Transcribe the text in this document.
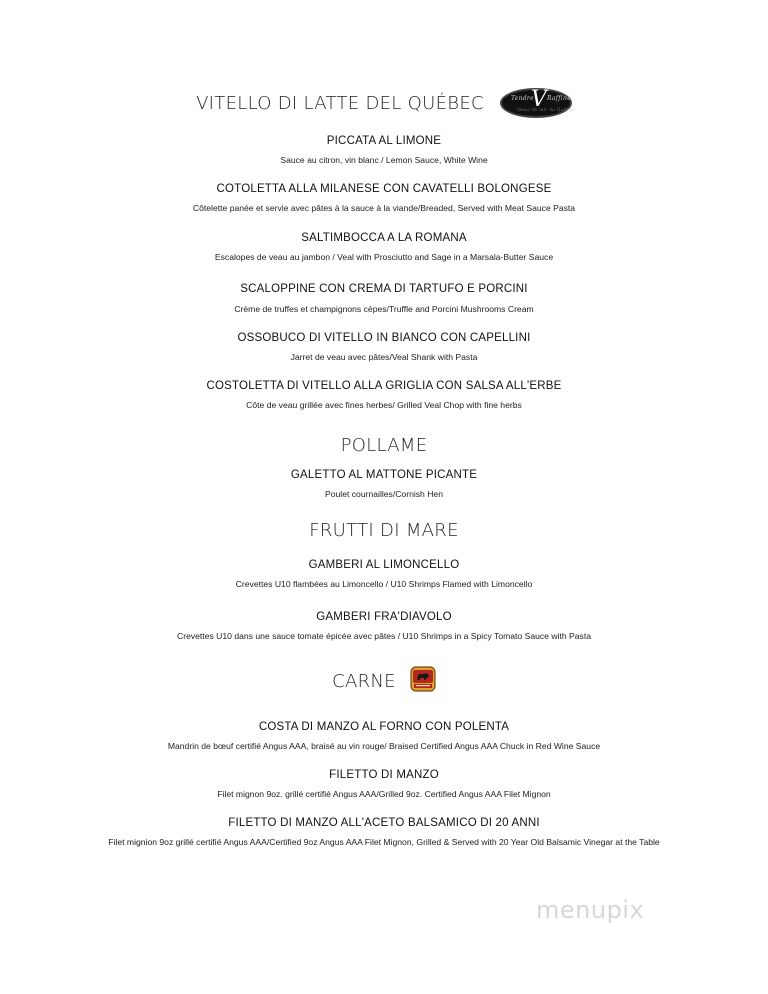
VITELLO DI LATTE DEL QUÉBEC	Tendre
V Raffiné
Veau de lait du Québec
PICCATA AL LIMONE
Sauce au citron, vin blanc / Lemon Sauce, White Wine
COTOLETTA ALLA MILANESE CON CAVATELLI BOLONGESE
Côtelette panée et servie avec pâtes à la sauce à la viande/Breaded, Served with Meat Sauce Pasta
SALTIMBOCCA A LA ROMANA
Escalopes de veau au jambon / Veal with Prosciutto and Sage in a Marsala-Butter Sauce
SCALOPPINE CON CREMA DI TARTUFO E PORCINI
Crème de truffes et champignons cèpes/Truffle and Porcini Mushrooms Cream
OSSOBUCO DI VITELLO IN BIANCO CON CAPELLINI
Jarret de veau avec pâtes/Veal Shank with Pasta
COSTOLETTA DI VITELLO ALLA GRIGLIA CON SALSA ALL'ERBE
Côte de veau grillée avec fines herbes/ Grilled Veal Chop with fine herbs
POLLAME
GALETTO AL MATTONE PICANTE
Poulet cournailles/Cornish Hen
FRUTTI DI MARE
GAMBERI AL LIMONCELLO
Crevettes U10 flambées au Limoncello / U10 Shrimps Flamed with Limoncello
GAMBERI FRA'DIAVOLO
Crevettes U10 dans une sauce tomate épicée avec pâtes / U10 Shrimps in a Spicy Tomato Sauce with Pasta
CARNE
COSTA DI MANZO AL FORNO CON POLENTA
Mandrin de bœuf certifié Angus AAA, braisé au vin rouge/ Braised Certified Angus AAA Chuck in Red Wine Sauce
FILETTO DI MANZO
Filet mignon 9oz. grillé certifié Angus AAA/Grilled 9oz. Certified Angus AAA Filet Mignon
FILETTO DI MANZO ALL'ACETO BALSAMICO DI 20 ANNI
Filet mignion 9oz grillé certifié Angus AAA/Certified 9oz Angus AAA Filet Mignon, Grilled & Served with 20 Year Old Balsamic Vinegar at the Table
menupix
